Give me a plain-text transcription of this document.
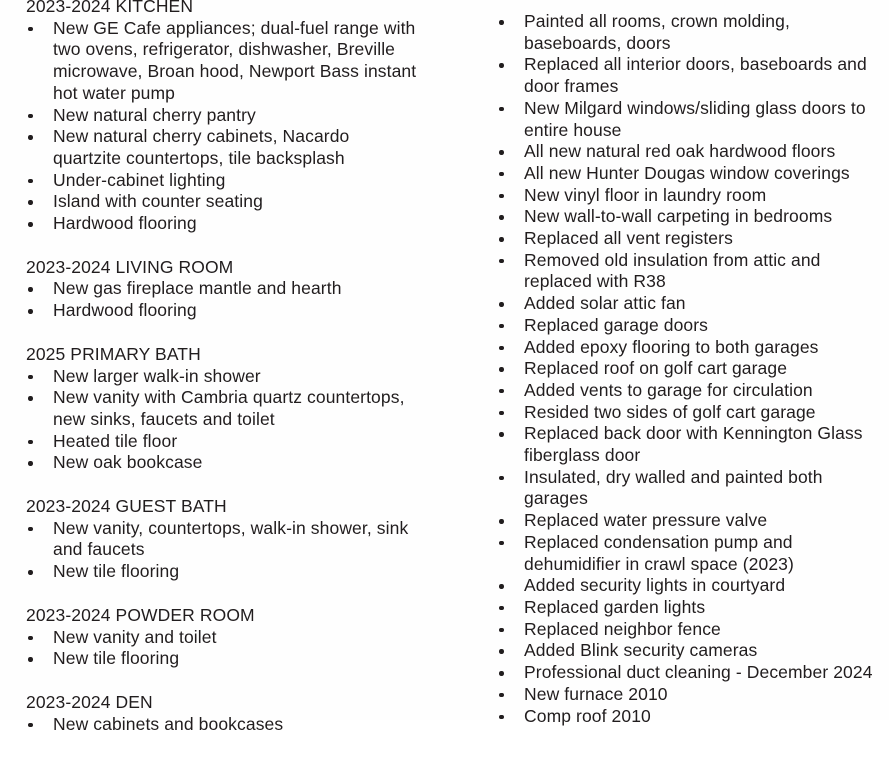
2023-2024 KITCHEN
New GE Cafe appliances; dual-fuel range with two ovens, refrigerator, dishwasher, Breville microwave, Broan hood, Newport Bass instant hot water pump
New natural cherry pantry
New natural cherry cabinets, Nacardo quartzite countertops, tile backsplash
Under-cabinet lighting
Island with counter seating
Hardwood flooring
2023-2024 LIVING ROOM
New gas fireplace mantle and hearth
Hardwood flooring
2025 PRIMARY BATH
New larger walk-in shower
New vanity with Cambria quartz countertops, new sinks, faucets and toilet
Heated tile floor
New oak bookcase
2023-2024 GUEST BATH
New vanity, countertops, walk-in shower, sink and faucets
New tile flooring
2023-2024 POWDER ROOM
New vanity and toilet
New tile flooring
2023-2024 DEN
New cabinets and bookcases
Painted all rooms, crown molding, baseboards, doors
Replaced all interior doors, baseboards and door frames
New Milgard windows/sliding glass doors to entire house
All new natural red oak hardwood floors
All new Hunter Dougas window coverings
New vinyl floor in laundry room
New wall-to-wall carpeting in bedrooms
Replaced all vent registers
Removed old insulation from attic and replaced with R38
Added solar attic fan
Replaced garage doors
Added epoxy flooring to both garages
Replaced roof on golf cart garage
Added vents to garage for circulation
Resided two sides of golf cart garage
Replaced back door with Kennington Glass fiberglass door
Insulated, dry walled and painted both garages
Replaced water pressure valve
Replaced condensation pump and dehumidifier in crawl space (2023)
Added security lights in courtyard
Replaced garden lights
Replaced neighbor fence
Added Blink security cameras
Professional duct cleaning - December 2024
New furnace 2010
Comp roof 2010
